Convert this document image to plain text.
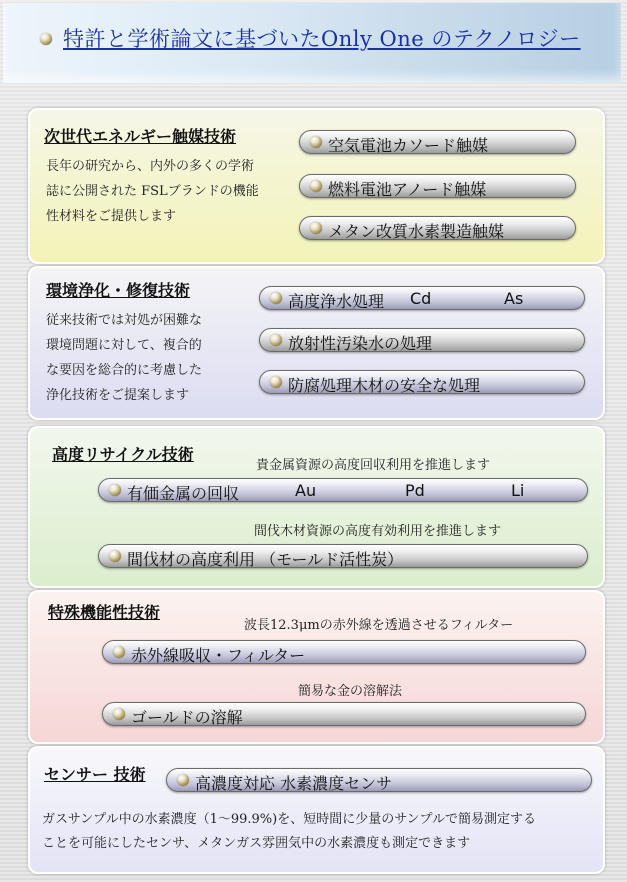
特許と学術論文に基づいたOnly One のテクノロジー
次世代エネルギー触媒技術
長年の研究から、内外の多くの学術
誌に公開された FSLブランドの機能
性材料をご提供します
空気電池カソード触媒
燃料電池アノード触媒
メタン改質水素製造触媒
環境浄化・修復技術
従来技術では対処が困難な
環境問題に対して、複合的
な要因を総合的に考慮した
浄化技術をご提案します
高度浄水処理 Cd	As
放射性汚染水の処理
防腐処理木材の安全な処理
高度リサイクル技術
貴金属資源の高度回収利用を推進します
有価金属の回収	Au	Pd	Li
間伐木材資源の高度有効利用を推進します
間伐材の高度利用 （モールド活性炭）
特殊機能性技術
波長12.3μmの赤外線を透過させるフィルター
赤外線吸収・フィルター
簡易な金の溶解法
ゴールドの溶解
センサー 技術	高濃度対応 水素濃度センサ
ガスサンプル中の水素濃度（1〜99.9%)を、短時間に少量のサンプルで簡易測定する
ことを可能にしたセンサ、メタンガス雰囲気中の水素濃度も測定できます
